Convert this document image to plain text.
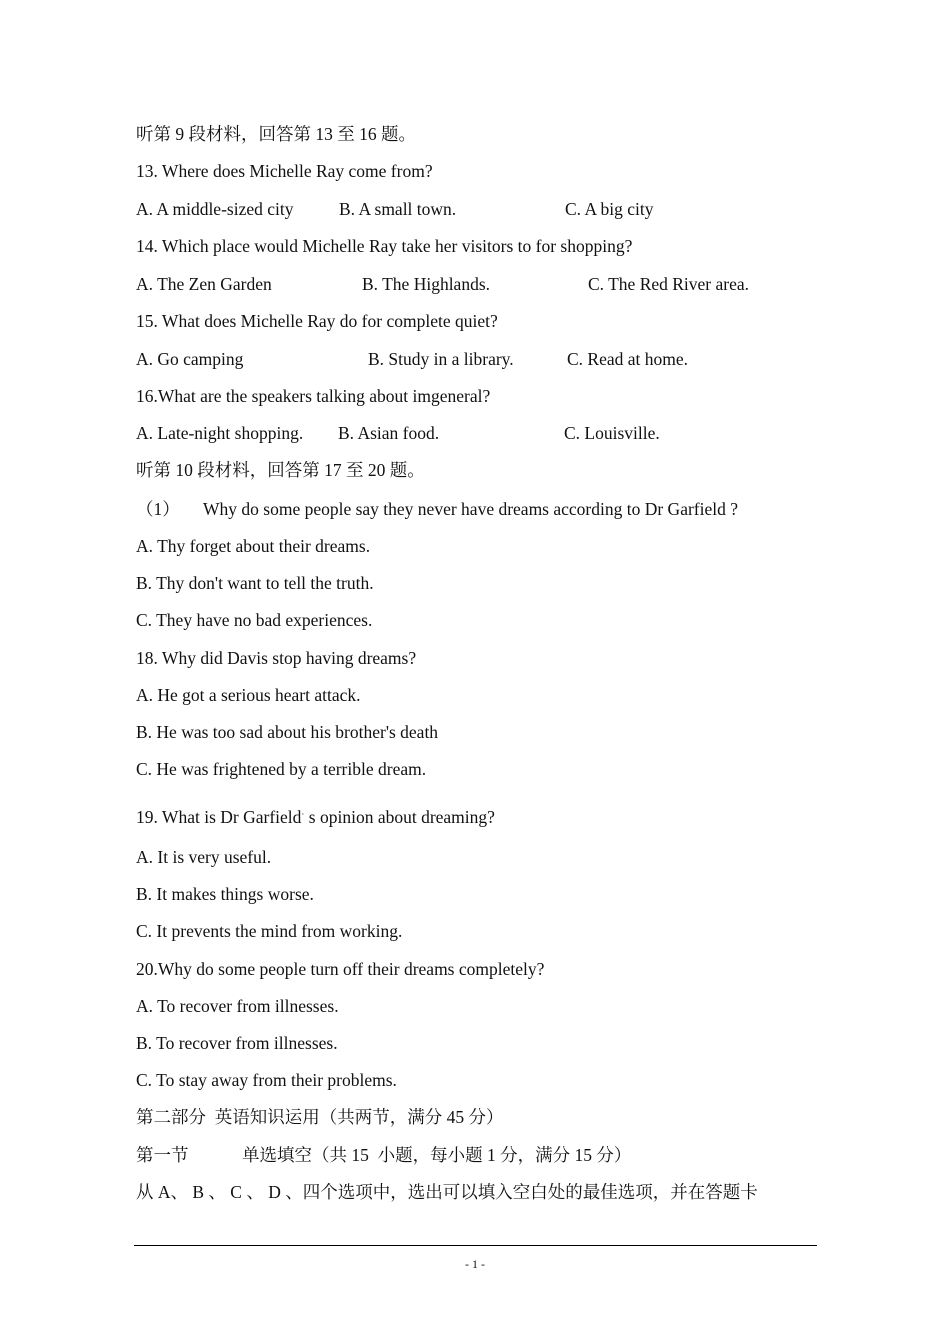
听第 9 段材料，回答第 13 至 16 题。
13. Where does Michelle Ray come from?

A. A middle-sized city

	B. A small town.

	C. A big city

14. Which place would Michelle Ray take her visitors to for shopping?

A. The Zen Garden

	B. The Highlands.

	C. The Red River area.

15. What does Michelle Ray do for complete quiet?

A. Go camping

	B. Study in a library.

	C. Read at home.

16.What are the speakers talking about imgeneral?

A. Late-night shopping.

B. Asian food.

	C. Louisville.

听第 10 段材料，回答第 17 至 20 题。

（1）

Why do some people say they never have dreams according to Dr Garfield ?

A. Thy forget about their dreams.
B. Thy don't want to tell the truth.
C. They have no bad experiences.
18. Why did Davis stop having dreams?
A. He got a serious heart attack.
B. He was too sad about his brother's death
C. He was frightened by a terrible dream.
19. What is Dr Garfield· s opinion about dreaming?
A. It is very useful.
B. It makes things worse.
C. It prevents the mind from working.
20.Why do some people turn off their dreams completely?
A. To recover from illnesses.
B. To recover from illnesses.
C. To stay away from their problems.
第二部分  英语知识运用（共两节，满分 45 分）

第一节

	单选填空（共 15  小题，每小题 1 分，满分 15 分）

从 A、 B 、 C 、 D 、四个选项中，选出可以填入空白处的最佳选项，并在答题卡
- 1 -
